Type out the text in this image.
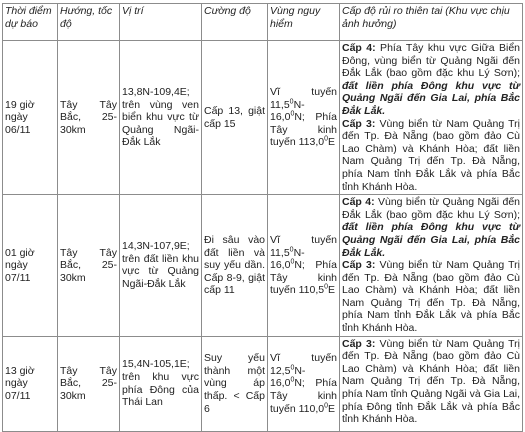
Thời điểm dự báo	Hướng, tốc độ	Vị trí	Cường độ	Vùng nguy hiểm	Cấp độ rủi ro thiên tai (Khu vực chịu ảnh hưởng)
19 giờ ngày 06/11	Tây Tây Bắc, 25-30km	13,8N-109,4E; trên vùng ven biển khu vực từ Quảng Ngãi-Đắk Lắk	Cấp 13, giật cấp 15	Vĩ tuyến 11,5$^0$N-16,0$^0$N; Phía Tây kinh tuyến 113,0$^0$E	Cấp 4: Phía Tây khu vực Giữa Biển Đông, vùng biển từ Quảng Ngãi đến Đắk Lắk (bao gồm đặc khu Lý Sơn); đất liền phía Đông khu vực từ Quảng Ngãi đến Gia Lai, phía Bắc Đắk Lắk.
Cấp 3: Vùng biển từ Nam Quảng Trị đến Tp. Đà Nẵng (bao gồm đảo Cù Lao Chàm) và Khánh Hòa; đất liền Nam Quảng Trị đến Tp. Đà Nẵng, phía Nam tỉnh Đắk Lắk và phía Bắc tỉnh Khánh Hòa.
01 giờ ngày 07/11	Tây Tây Bắc, 25-30km	14,3N-107,9E; trên đất liền khu vực từ Quảng Ngãi-Đắk Lắk	Đi sâu vào đất liền và suy yếu dần. Cấp 8-9, giật cấp 11	Vĩ tuyến 11,5$^0$N-16,0$^0$N; Phía Tây kinh tuyến 110,5$^0$E	Cấp 4: Vùng biển từ Quảng Ngãi đến Đắk Lắk (bao gồm đặc khu Lý Sơn); đất liền phía Đông khu vực từ Quảng Ngãi đến Gia Lai, phía Bắc Đắk Lắk.
Cấp 3: Vùng biển từ Nam Quảng Trị đến Tp. Đà Nẵng (bao gồm đảo Cù Lao Chàm) và Khánh Hòa; đất liền Nam Quảng Trị đến Tp. Đà Nẵng, phía Nam tỉnh Đắk Lắk và phía Bắc tỉnh Khánh Hòa.
13 giờ ngày 07/11	Tây Tây Bắc, 25-30km	15,4N-105,1E; trên khu vực phía Đông của Thái Lan	Suy yếu thành một vùng áp thấp. < Cấp 6	Vĩ tuyến 12,5$^0$N-16,0$^0$N; Phía Tây kinh tuyến 110,0$^0$E	Cấp 3: Vùng biển từ Nam Quảng Trị đến Tp. Đà Nẵng (bao gồm đảo Cù Lao Chàm) và Khánh Hòa; đất liền Nam Quảng Trị đến Tp. Đà Nẵng, phía Nam tỉnh Quảng Ngãi và Gia Lai, phía Đông tỉnh Đắk Lắk và phía Bắc tỉnh Khánh Hòa.
